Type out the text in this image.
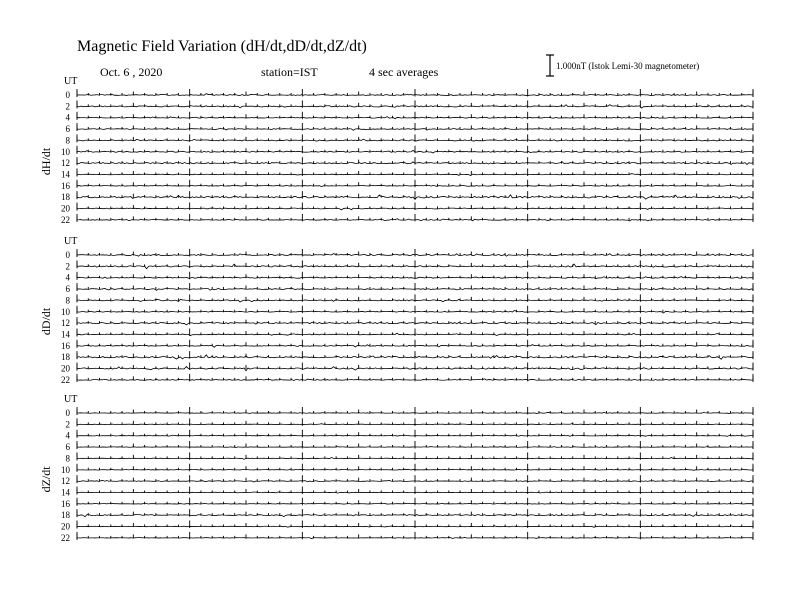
Magnetic Field Variation (dH/dt,dD/dt,dZ/dt)
Oct. 6 , 2020	station=IST	4 sec averages	1.000nT (Istok Lemi-30 magnetometer)
UT
dH/dt
0
2
4
6
8
10
12
14
16
18
20
22
UT
dD/dt
0
2
4
6
8
10
12
14
16
18
20
22
UT
dZ/dt
0
2
4
6
8
10
12
14
16
18
20
22
